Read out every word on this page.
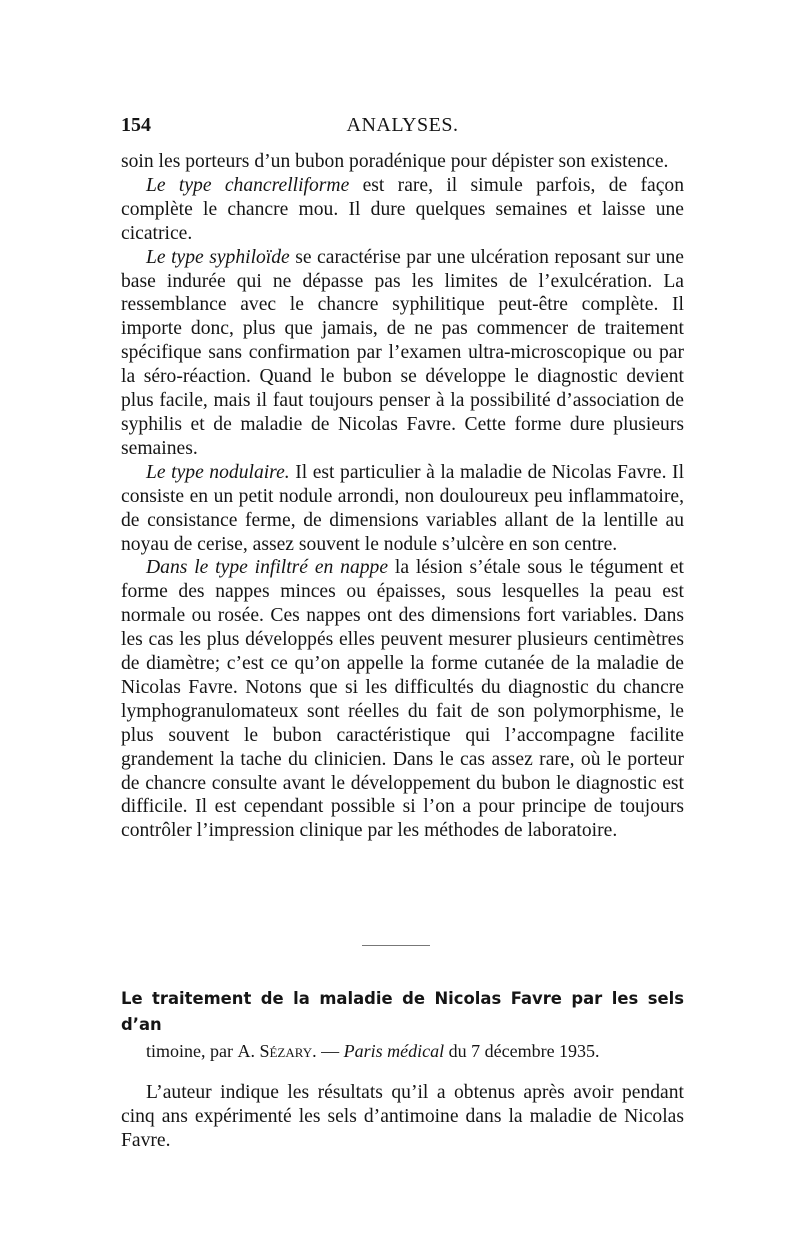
154	ANALYSES.

soin les porteurs d’un bubon poradénique pour dépister son existence.

Le type chancrelliforme est rare, il simule parfois, de façon complète le chancre mou. Il dure quelques semaines et laisse une cicatrice.

Le type syphiloïde se caractérise par une ulcération reposant sur une base indurée qui ne dépasse pas les limites de l’exulcération. La ressemblance avec le chancre syphilitique peut-être complète. Il importe donc, plus que jamais, de ne pas commencer de traitement spécifique sans confirmation par l’examen ultra-microscopique ou par la séro-réaction. Quand le bubon se développe le diagnostic devient plus facile, mais il faut toujours penser à la possibilité d’association de syphilis et de maladie de Nicolas Favre. Cette forme dure plusieurs semaines.

Le type nodulaire. Il est particulier à la maladie de Nicolas Favre. Il consiste en un petit nodule arrondi, non douloureux peu inflammatoire, de consistance ferme, de dimensions variables allant de la lentille au noyau de cerise, assez souvent le nodule s’ulcère en son centre.

Dans le type infiltré en nappe la lésion s’étale sous le tégument et forme des nappes minces ou épaisses, sous lesquelles la peau est normale ou rosée. Ces nappes ont des dimensions fort variables. Dans les cas les plus développés elles peuvent mesurer plusieurs centimètres de diamètre; c’est ce qu’on appelle la forme cutanée de la maladie de Nicolas Favre. Notons que si les difficultés du diagnostic du chancre lymphogranulomateux sont réelles du fait de son polymorphisme, le plus souvent le bubon caractéristique qui l’accompagne facilite grandement la tache du clinicien. Dans le cas assez rare, où le porteur de chancre consulte avant le développement du bubon le diagnostic est difficile. Il est cependant possible si l’on a pour principe de toujours contrôler l’impression clinique par les méthodes de laboratoire.

Le traitement de la maladie de Nicolas Favre par les sels d’an

timoine, par A. Sézary. — Paris médical du 7 décembre 1935.

L’auteur indique les résultats qu’il a obtenus après avoir pendant cinq ans expérimenté les sels d’antimoine dans la maladie de Nicolas Favre.
